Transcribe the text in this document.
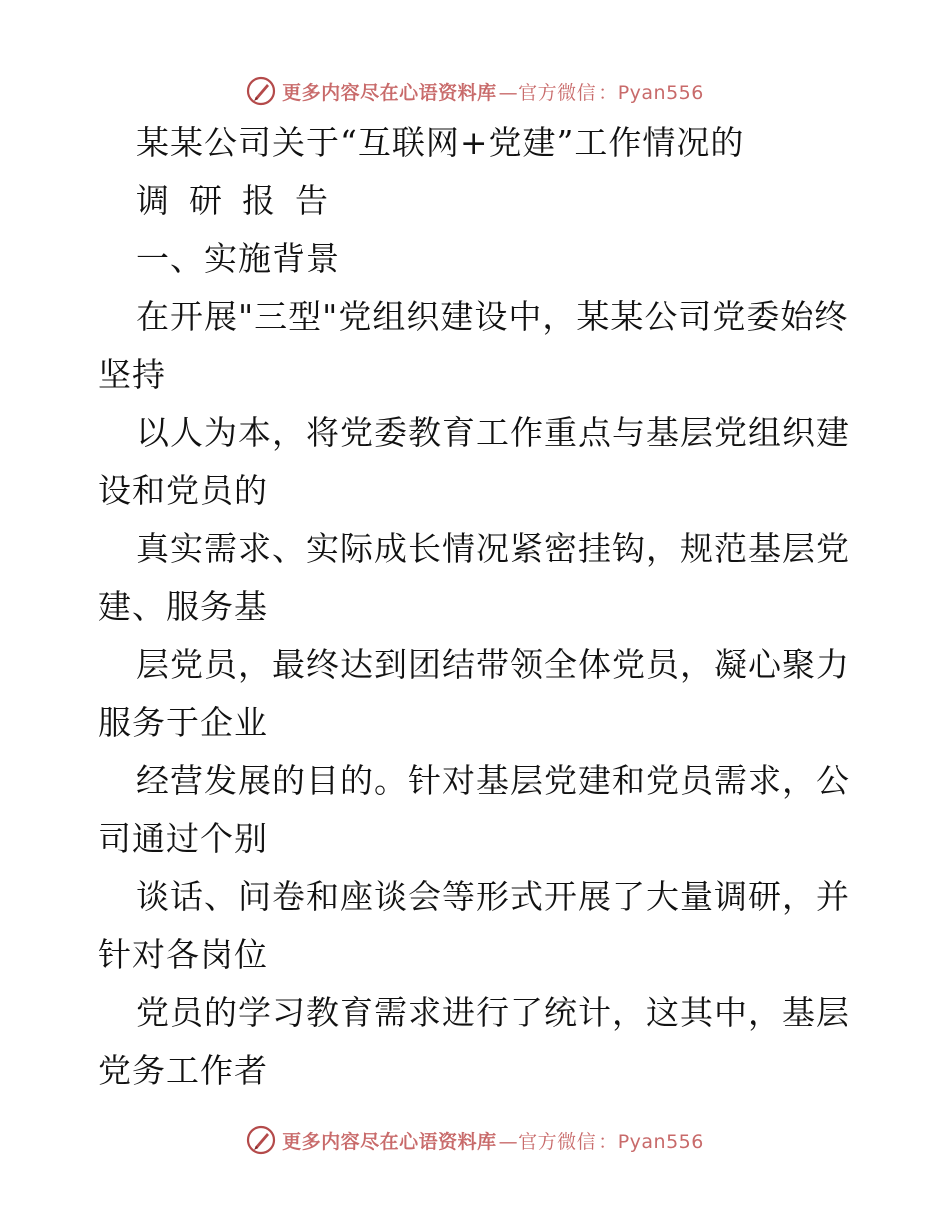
更多内容尽在心语资料库 —官方微信 ：Pyan556
某某公司关于“互联网+党建”工作情况的
调研报告
一、实施背景
在开展"三型"党组织建设中，某某公司党委始终
坚持
以人为本，将党委教育工作重点与基层党组织建
设和党员的
真实需求、实际成长情况紧密挂钩，规范基层党
建、服务基
层党员，最终达到团结带领全体党员，凝心聚力
服务于企业
经营发展的目的。针对基层党建和党员需求，公
司通过个别
谈话、问卷和座谈会等形式开展了大量调研，并
针对各岗位
党员的学习教育需求进行了统计，这其中，基层
党务工作者
更多内容尽在心语资料库 —官方微信 ：Pyan556
